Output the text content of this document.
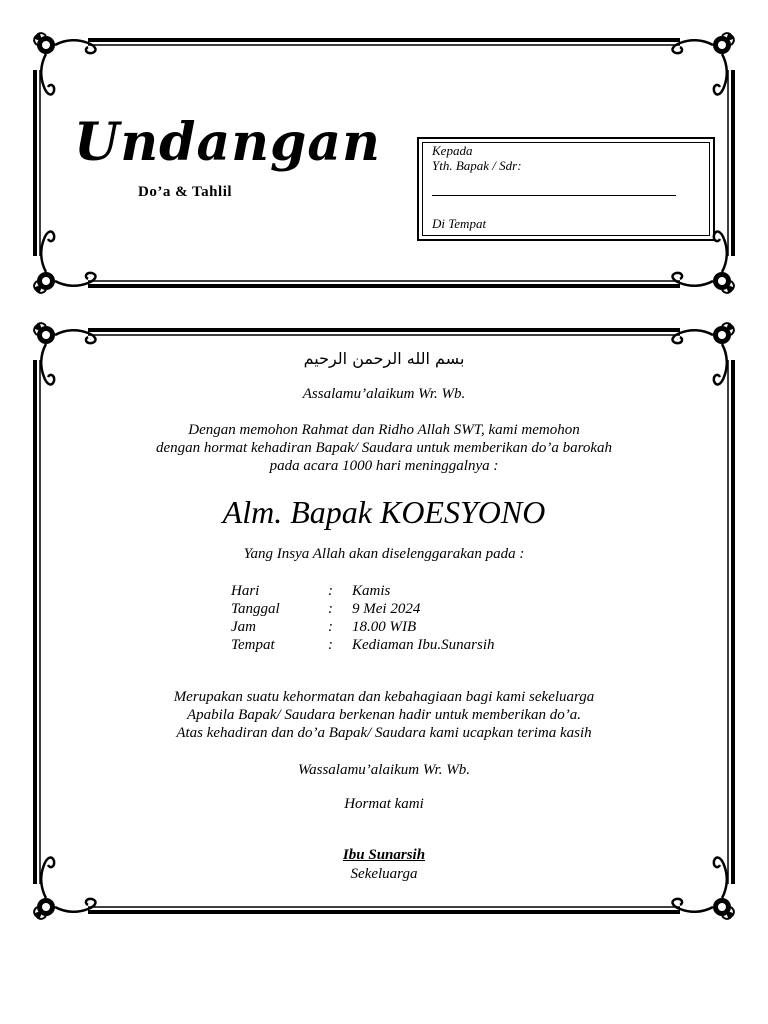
Undangan
Do’a & Tahlil
Kepada
Yth. Bapak / Sdr:
Di Tempat
بسم الله الرحمن الرحيم
Assalamu’alaikum Wr. Wb.
Dengan memohon Rahmat dan Ridho Allah SWT, kami memohon
dengan hormat kehadiran Bapak/ Saudara untuk memberikan do’a barokah
pada acara 1000 hari meninggalnya :
Alm. Bapak KOESYONO
Yang Insya Allah akan diselenggarakan pada :
Hari	: Kamis
Tanggal	: 9 Mei 2024
Jam	: 18.00 WIB
Tempat	: Kediaman Ibu.Sunarsih
Merupakan suatu kehormatan dan kebahagiaan bagi kami sekeluarga
Apabila Bapak/ Saudara berkenan hadir untuk memberikan do’a.
Atas kehadiran dan do’a Bapak/ Saudara kami ucapkan terima kasih
Wassalamu’alaikum Wr. Wb.
Hormat kami
Ibu Sunarsih
Sekeluarga
